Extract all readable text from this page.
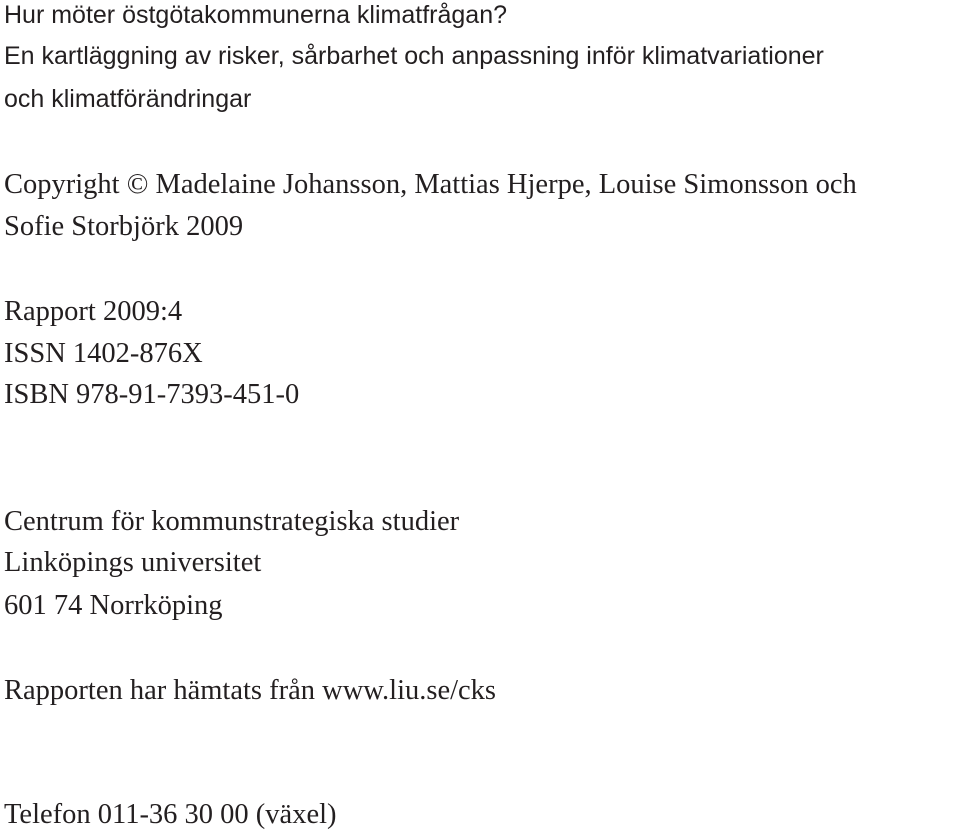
Hur möter östgötakommunerna klimatfrågan?

En kartläggning av risker, sårbarhet och anpassning inför klimatvariationer

och klimatförändringar

Copyright © Madelaine Johansson, Mattias Hjerpe, Louise Simonsson och

Sofie Storbjörk 2009

Rapport 2009:4

ISSN 1402-876X

ISBN 978-91-7393-451-0

Centrum för kommunstrategiska studier

Linköpings universitet

601 74 Norrköping

Rapporten har hämtats från www.liu.se/cks

Telefon 011-36 30 00 (växel)
